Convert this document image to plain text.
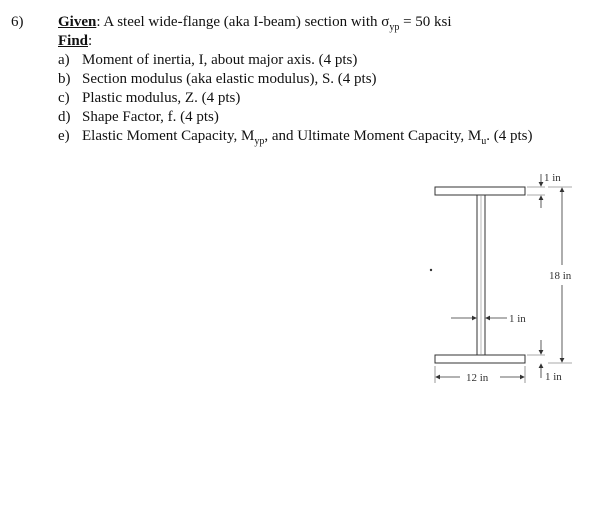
6) Given: A steel wide-flange (aka I-beam) section with $\sigma_{yp} = 50$ ksi
Find:
a) Moment of inertia, I, about major axis. (4 pts)
b) Section modulus (aka elastic modulus), S. (4 pts)
c) Plastic modulus, Z. (4 pts)
d) Shape Factor, f. (4 pts)
e) Elastic Moment Capacity, $M_{yp}$, and Ultimate Moment Capacity, $M_u$. (4 pts)
1 in
18 in
1 in
1 in
12 in
